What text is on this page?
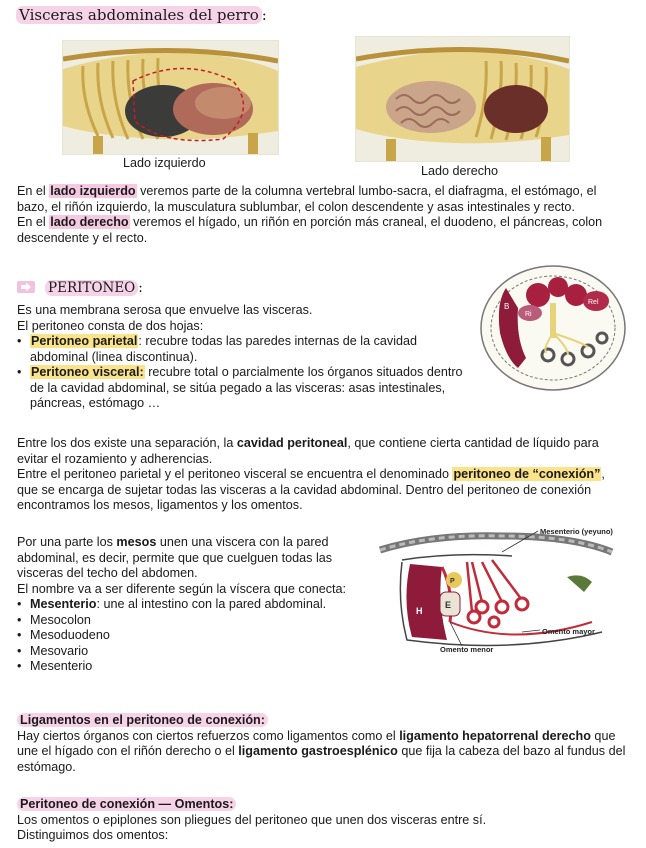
Visceras abdominales del perro :
Lado izquierdo
Lado derecho

En el lado izquierdo veremos parte de la columna vertebral lumbo-sacra, el diafragma, el estómago, el bazo, el riñón izquierdo, la musculatura sublumbar, el colon descendente y asas intestinales y recto.

En el lado derecho veremos el hígado, un riñón en porción más craneal, el duodeno, el páncreas, colon descendente y el recto.

PERITONEO :

Es una membrana serosa que envuelve las visceras.

El peritoneo consta de dos hojas:

• Peritoneo parietal: recubre todas las paredes internas de la cavidad abdominal (linea discontinua).
• Peritoneo visceral: recubre total o parcialmente los órganos situados dentro de la cavidad abdominal, se sitúa pegado a las visceras: asas intestinales, páncreas, estómago …
B
Ri
Rel

Entre los dos existe una separación, la cavidad peritoneal, que contiene cierta cantidad de líquido para evitar el rozamiento y adherencias.

Entre el peritoneo parietal y el peritoneo visceral se encuentra el denominado peritoneo de “conexión”, que se encarga de sujetar todas las visceras a la cavidad abdominal. Dentro del peritoneo de conexión encontramos los mesos, ligamentos y los omentos.

Por una parte los mesos unen una viscera con la pared abdominal, es decir, permite que que cuelguen todas las visceras del techo del abdomen.

El nombre va a ser diferente según la víscera que conecta:

• Mesenterio: une al intestino con la pared abdominal.
• Mesocolon
• Mesoduodeno
• Mesovario
• Mesenterio
Mesenterio (yeyuno)
Omento mayor
Omento menor
H
E
P

Ligamentos en el peritoneo de conexión:

Hay ciertos órganos con ciertos refuerzos como ligamentos como el ligamento hepatorrenal derecho que une el hígado con el riñón derecho o el ligamento gastroesplénico que fija la cabeza del bazo al fundus del estómago.

Peritoneo de conexión — Omentos:

Los omentos o epiplones son pliegues del peritoneo que unen dos visceras entre sí.

Distinguimos dos omentos:
